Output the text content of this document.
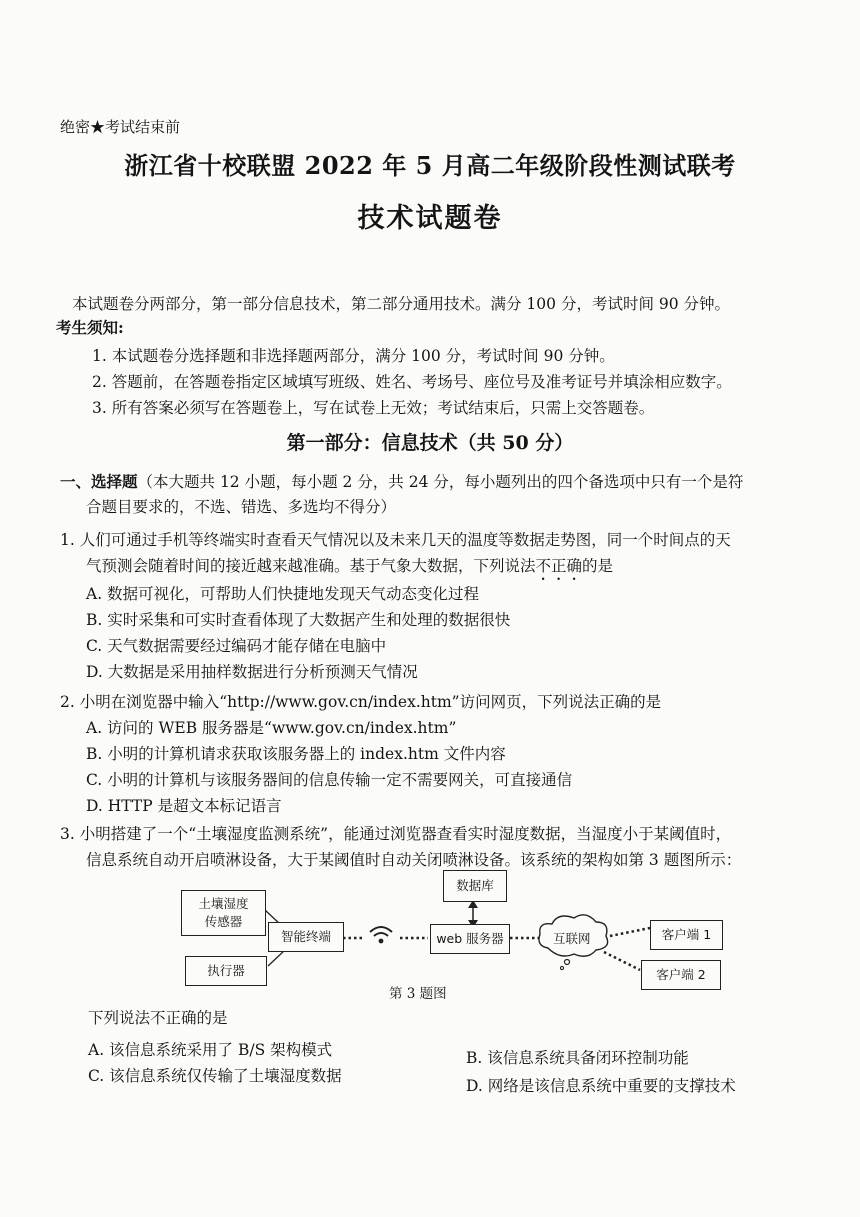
绝密★考试结束前
浙江省十校联盟 2022 年 5 月高二年级阶段性测试联考
技术试题卷
本试题卷分两部分，第一部分信息技术，第二部分通用技术。满分 100 分，考试时间 90 分钟。
考生须知:
1. 本试题卷分选择题和非选择题两部分，满分 100 分，考试时间 90 分钟。
2. 答题前，在答题卷指定区域填写班级、姓名、考场号、座位号及准考证号并填涂相应数字。
3. 所有答案必须写在答题卷上，写在试卷上无效；考试结束后，只需上交答题卷。
第一部分：信息技术（共 50 分）
一、选择题（本大题共 12 小题，每小题 2 分，共 24 分，每小题列出的四个备选项中只有一个是符
合题目要求的，不选、错选、多选均不得分）
1. 人们可通过手机等终端实时查看天气情况以及未来几天的温度等数据走势图，同一个时间点的天
气预测会随着时间的接近越来越准确。基于气象大数据，下列说法不正确的是
A. 数据可视化，可帮助人们快捷地发现天气动态变化过程
B. 实时采集和可实时查看体现了大数据产生和处理的数据很快
C. 天气数据需要经过编码才能存储在电脑中
D. 大数据是采用抽样数据进行分析预测天气情况
2. 小明在浏览器中输入“http://www.gov.cn/index.htm”访问网页，下列说法正确的是
A. 访问的 WEB 服务器是“www.gov.cn/index.htm”
B. 小明的计算机请求获取该服务器上的 index.htm 文件内容
C. 小明的计算机与该服务器间的信息传输一定不需要网关，可直接通信
D. HTTP 是超文本标记语言
3. 小明搭建了一个“土壤湿度监测系统”，能通过浏览器查看实时湿度数据，当湿度小于某阈值时，
信息系统自动开启喷淋设备，大于某阈值时自动关闭喷淋设备。该系统的架构如第 3 题图所示：
土壤湿度
传感器
智能终端
执行器
数据库
web 服务器	互联网	客户端 1
客户端 2
第 3 题图
下列说法不正确的是
A. 该信息系统采用了 B/S 架构模式	B. 该信息系统具备闭环控制功能
C. 该信息系统仅传输了土壤湿度数据
D. 网络是该信息系统中重要的支撑技术
